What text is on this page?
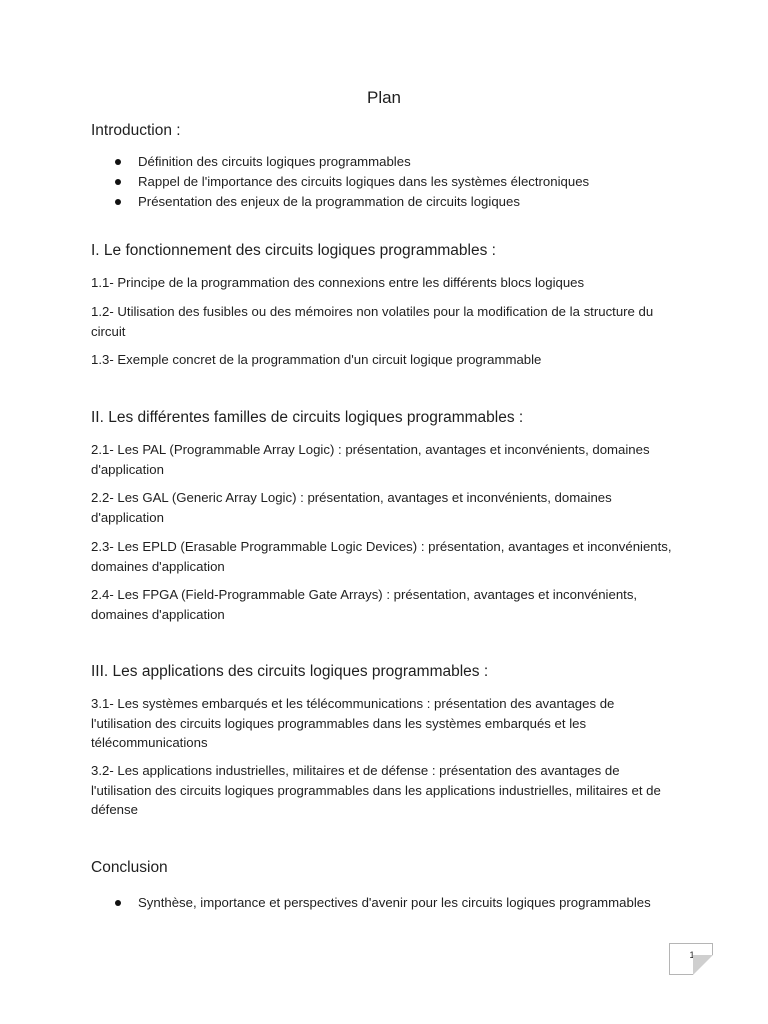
Plan
Introduction :
Définition des circuits logiques programmables
Rappel de l'importance des circuits logiques dans les systèmes électroniques
Présentation des enjeux de la programmation de circuits logiques
I. Le fonctionnement des circuits logiques programmables :
1.1- Principe de la programmation des connexions entre les différents blocs logiques
1.2- Utilisation des fusibles ou des mémoires non volatiles pour la modification de la structure du circuit
1.3- Exemple concret de la programmation d'un circuit logique programmable
II. Les différentes familles de circuits logiques programmables :
2.1- Les PAL (Programmable Array Logic) : présentation, avantages et inconvénients, domaines d'application
2.2- Les GAL (Generic Array Logic) : présentation, avantages et inconvénients, domaines d'application
2.3- Les EPLD (Erasable Programmable Logic Devices) : présentation, avantages et inconvénients, domaines d'application
2.4- Les FPGA (Field-Programmable Gate Arrays) : présentation, avantages et inconvénients, domaines d'application
III. Les applications des circuits logiques programmables :
3.1- Les systèmes embarqués et les télécommunications : présentation des avantages de l'utilisation des circuits logiques programmables dans les systèmes embarqués et les télécommunications
3.2- Les applications industrielles, militaires et de défense : présentation des avantages de l'utilisation des circuits logiques programmables dans les applications industrielles, militaires et de défense
Conclusion
Synthèse, importance et perspectives d'avenir pour les circuits logiques programmables
1
